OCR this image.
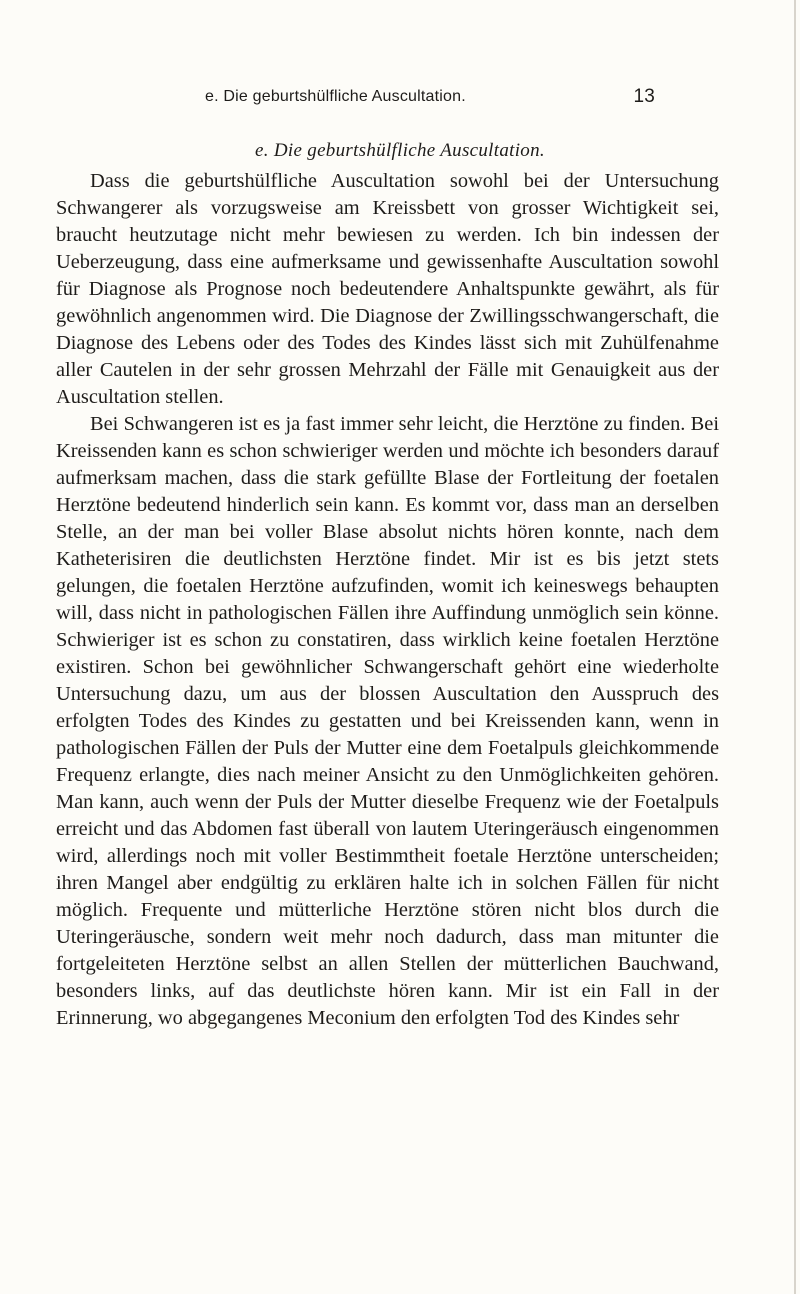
e. Die geburtshülfliche Auscultation.	13
e. Die geburtshülfliche Auscultation.

Dass die geburtshülfliche Auscultation sowohl bei der Untersuchung Schwangerer als vorzugsweise am Kreissbett von grosser Wichtigkeit sei, braucht heutzutage nicht mehr bewiesen zu werden. Ich bin indessen der Ueberzeugung, dass eine aufmerksame und gewissenhafte Auscultation sowohl für Diagnose als Prognose noch bedeutendere Anhaltspunkte gewährt, als für gewöhnlich angenommen wird. Die Diagnose der Zwillingsschwangerschaft, die Diagnose des Lebens oder des Todes des Kindes lässt sich mit Zuhülfenahme aller Cautelen in der sehr grossen Mehrzahl der Fälle mit Genauigkeit aus der Auscultation stellen.

Bei Schwangeren ist es ja fast immer sehr leicht, die Herztöne zu finden. Bei Kreissenden kann es schon schwieriger werden und möchte ich besonders darauf aufmerksam machen, dass die stark gefüllte Blase der Fortleitung der foetalen Herztöne bedeutend hinderlich sein kann. Es kommt vor, dass man an derselben Stelle, an der man bei voller Blase absolut nichts hören konnte, nach dem Katheterisiren die deutlichsten Herztöne findet. Mir ist es bis jetzt stets gelungen, die foetalen Herztöne aufzufinden, womit ich keineswegs behaupten will, dass nicht in pathologischen Fällen ihre Auffindung unmöglich sein könne. Schwieriger ist es schon zu constatiren, dass wirklich keine foetalen Herztöne existiren. Schon bei gewöhnlicher Schwangerschaft gehört eine wiederholte Untersuchung dazu, um aus der blossen Auscultation den Ausspruch des erfolgten Todes des Kindes zu gestatten und bei Kreissenden kann, wenn in pathologischen Fällen der Puls der Mutter eine dem Foetalpuls gleichkommende Frequenz erlangte, dies nach meiner Ansicht zu den Unmöglichkeiten gehören. Man kann, auch wenn der Puls der Mutter dieselbe Frequenz wie der Foetalpuls erreicht und das Abdomen fast überall von lautem Uteringeräusch eingenommen wird, allerdings noch mit voller Bestimmtheit foetale Herztöne unterscheiden; ihren Mangel aber endgültig zu erklären halte ich in solchen Fällen für nicht möglich. Frequente und mütterliche Herztöne stören nicht blos durch die Uteringeräusche, sondern weit mehr noch dadurch, dass man mitunter die fortgeleiteten Herztöne selbst an allen Stellen der mütterlichen Bauchwand, besonders links, auf das deutlichste hören kann. Mir ist ein Fall in der Erinnerung, wo abgegangenes Meconium den erfolgten Tod des Kindes sehr
